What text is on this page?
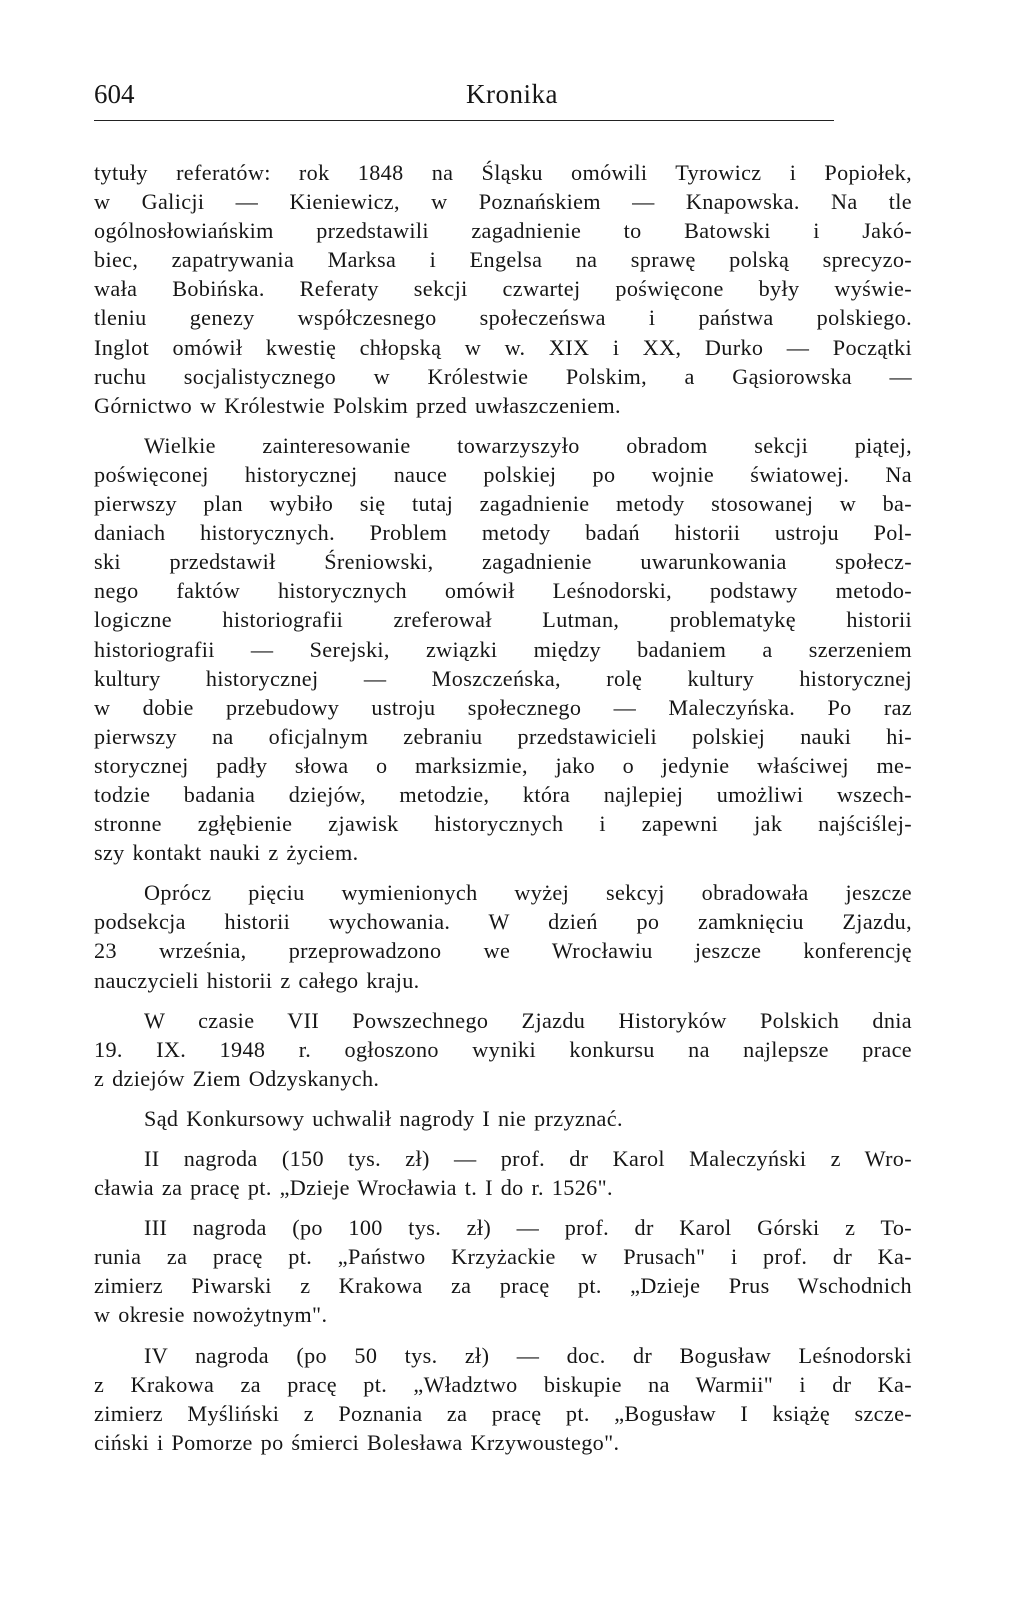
604	Kronika
tytuły referatów: rok 1848 na Śląsku omówili Tyrowicz i Popiołek,
w Galicji — Kieniewicz, w Poznańskiem — Knapowska. Na tle
ogólnosłowiańskim przedstawili zagadnienie to Batowski i Jakó-
biec, zapatrywania Marksa i Engelsa na sprawę polską sprecyzo-
wała Bobińska. Referaty sekcji czwartej poświęcone były wyświe-
tleniu genezy współczesnego społeczeńswa i państwa polskiego.
Inglot omówił kwestię chłopską w w. XIX i XX, Durko — Początki
ruchu socjalistycznego w Królestwie Polskim, a Gąsiorowska —
Górnictwo w Królestwie Polskim przed uwłaszczeniem.
Wielkie zainteresowanie towarzyszyło obradom sekcji piątej,
poświęconej historycznej nauce polskiej po wojnie światowej. Na
pierwszy plan wybiło się tutaj zagadnienie metody stosowanej w ba-
daniach historycznych. Problem metody badań historii ustroju Pol-
ski przedstawił Śreniowski, zagadnienie uwarunkowania społecz-
nego faktów historycznych omówił Leśnodorski, podstawy metodo-
logiczne historiografii zreferował Lutman, problematykę historii
historiografii — Serejski, związki między badaniem a szerzeniem
kultury historycznej — Moszczeńska, rolę kultury historycznej
w dobie przebudowy ustroju społecznego — Maleczyńska. Po raz
pierwszy na oficjalnym zebraniu przedstawicieli polskiej nauki hi-
storycznej padły słowa o marksizmie, jako o jedynie właściwej me-
todzie badania dziejów, metodzie, która najlepiej umożliwi wszech-
stronne zgłębienie zjawisk historycznych i zapewni jak najściślej-
szy kontakt nauki z życiem.
Oprócz pięciu wymienionych wyżej sekcyj obradowała jeszcze
podsekcja historii wychowania. W dzień po zamknięciu Zjazdu,
23 września, przeprowadzono we Wrocławiu jeszcze konferencję
nauczycieli historii z całego kraju.
W czasie VII Powszechnego Zjazdu Historyków Polskich dnia
19. IX. 1948 r. ogłoszono wyniki konkursu na najlepsze prace
z dziejów Ziem Odzyskanych.
Sąd Konkursowy uchwalił nagrody I nie przyznać.
II nagroda (150 tys. zł) — prof. dr Karol Maleczyński z Wro-
cławia za pracę pt. „Dzieje Wrocławia t. I do r. 1526".
III nagroda (po 100 tys. zł) — prof. dr Karol Górski z To-
runia za pracę pt. „Państwo Krzyżackie w Prusach" i prof. dr Ka-
zimierz Piwarski z Krakowa za pracę pt. „Dzieje Prus Wschodnich
w okresie nowożytnym".
IV nagroda (po 50 tys. zł) — doc. dr Bogusław Leśnodorski
z Krakowa za pracę pt. „Władztwo biskupie na Warmii" i dr Ka-
zimierz Myśliński z Poznania za pracę pt. „Bogusław I książę szcze-
ciński i Pomorze po śmierci Bolesława Krzywoustego".
